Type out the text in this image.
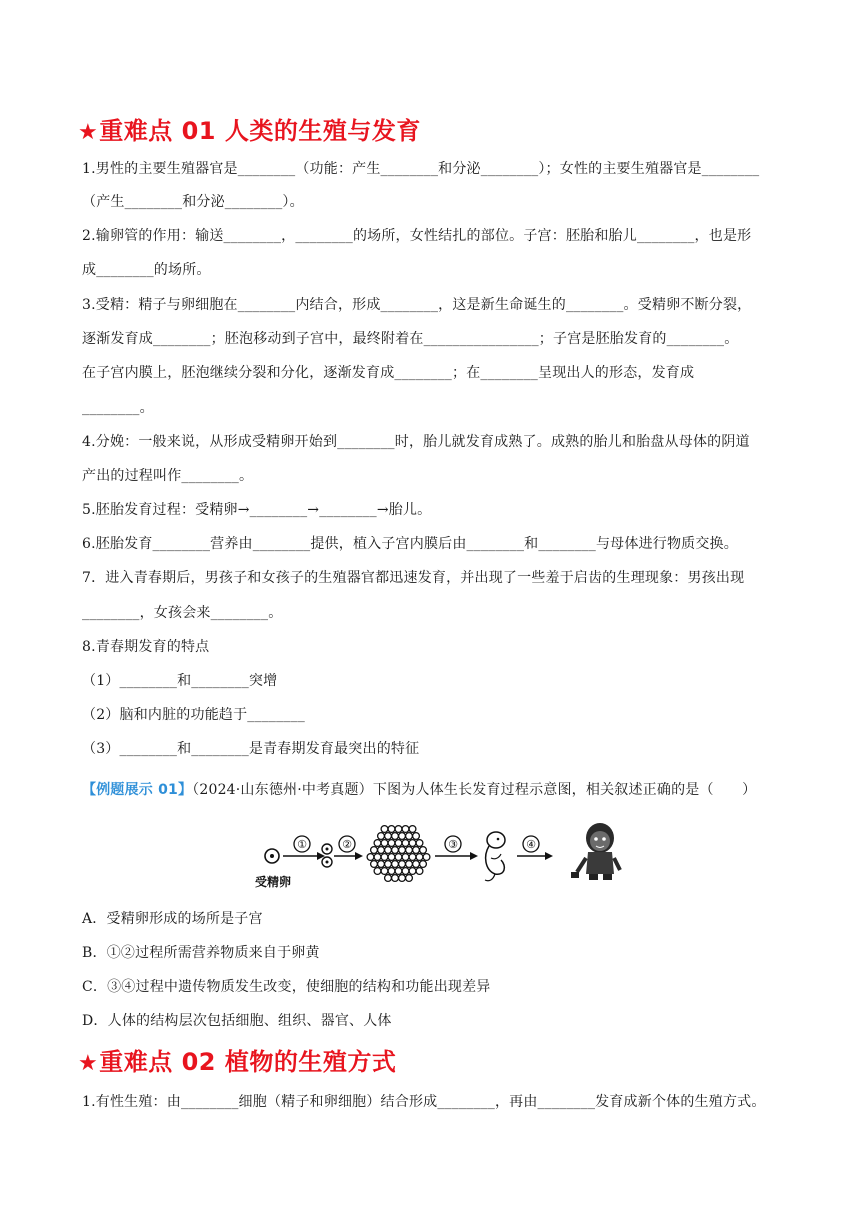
★重难点 01 人类的生殖与发育
1.男性的主要生殖器官是________（功能：产生________和分泌________）；女性的主要生殖器官是________
（产生________和分泌________）。
2.输卵管的作用：输送________，________的场所，女性结扎的部位。子宫：胚胎和胎儿________，也是形
成________的场所。
3.受精：精子与卵细胞在________内结合，形成________，这是新生命诞生的________。受精卵不断分裂，
逐渐发育成________；胚泡移动到子宫中，最终附着在________________；子宫是胚胎发育的________。
在子宫内膜上，胚泡继续分裂和分化，逐渐发育成________；在________呈现出人的形态，发育成
________。
4.分娩：一般来说，从形成受精卵开始到________时，胎儿就发育成熟了。成熟的胎儿和胎盘从母体的阴道
产出的过程叫作________。
5.胚胎发育过程：受精卵→________→________→胎儿。
6.胚胎发育________营养由________提供，植入子宫内膜后由________和________与母体进行物质交换。
7．进入青春期后，男孩子和女孩子的生殖器官都迅速发育，并出现了一些羞于启齿的生理现象：男孩出现
________，女孩会来________。
8.青春期发育的特点
（1）________和________突增
（2）脑和内脏的功能趋于________
（3）________和________是青春期发育最突出的特征
【例题展示 01】（2024·山东德州·中考真题）下图为人体生长发育过程示意图，相关叙述正确的是（　　）
受精卵
①	②	③	④
A．受精卵形成的场所是子宫
B．①②过程所需营养物质来自于卵黄
C．③④过程中遗传物质发生改变，使细胞的结构和功能出现差异
D．人体的结构层次包括细胞、组织、器官、人体
★重难点 02 植物的生殖方式
1.有性生殖：由________细胞（精子和卵细胞）结合形成________，再由________发育成新个体的生殖方式。
